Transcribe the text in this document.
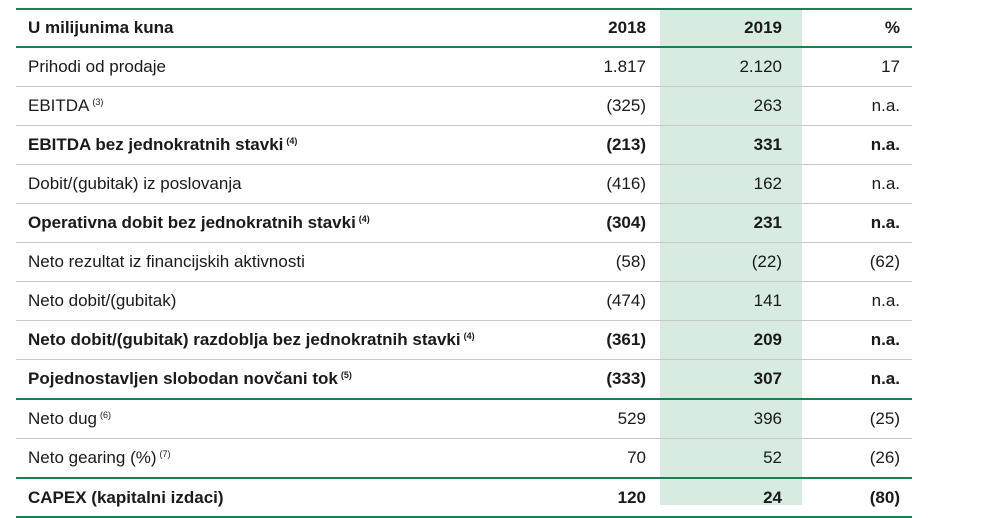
U milijunima kuna	2018	2019	%
Prihodi od prodaje	1.817	2.120	17
EBITDA $^{(3)}$	(325)	263	n.a.
EBITDA bez jednokratnih stavki $^{(4)}$	(213)	331	n.a.
Dobit/(gubitak) iz poslovanja	(416)	162	n.a.
Operativna dobit bez jednokratnih stavki $^{(4)}$	(304)	231	n.a.
Neto rezultat iz financijskih aktivnosti	(58)	(22)	(62)
Neto dobit/(gubitak)	(474)	141	n.a.
Neto dobit/(gubitak) razdoblja bez jednokratnih stavki $^{(4)}$	(361)	209	n.a.
Pojednostavljen slobodan novčani tok $^{(5)}$	(333)	307	n.a.
Neto dug $^{(6)}$	529	396	(25)
Neto gearing (%) $^{(7)}$	70	52	(26)
CAPEX (kapitalni izdaci)	120	24	(80)
